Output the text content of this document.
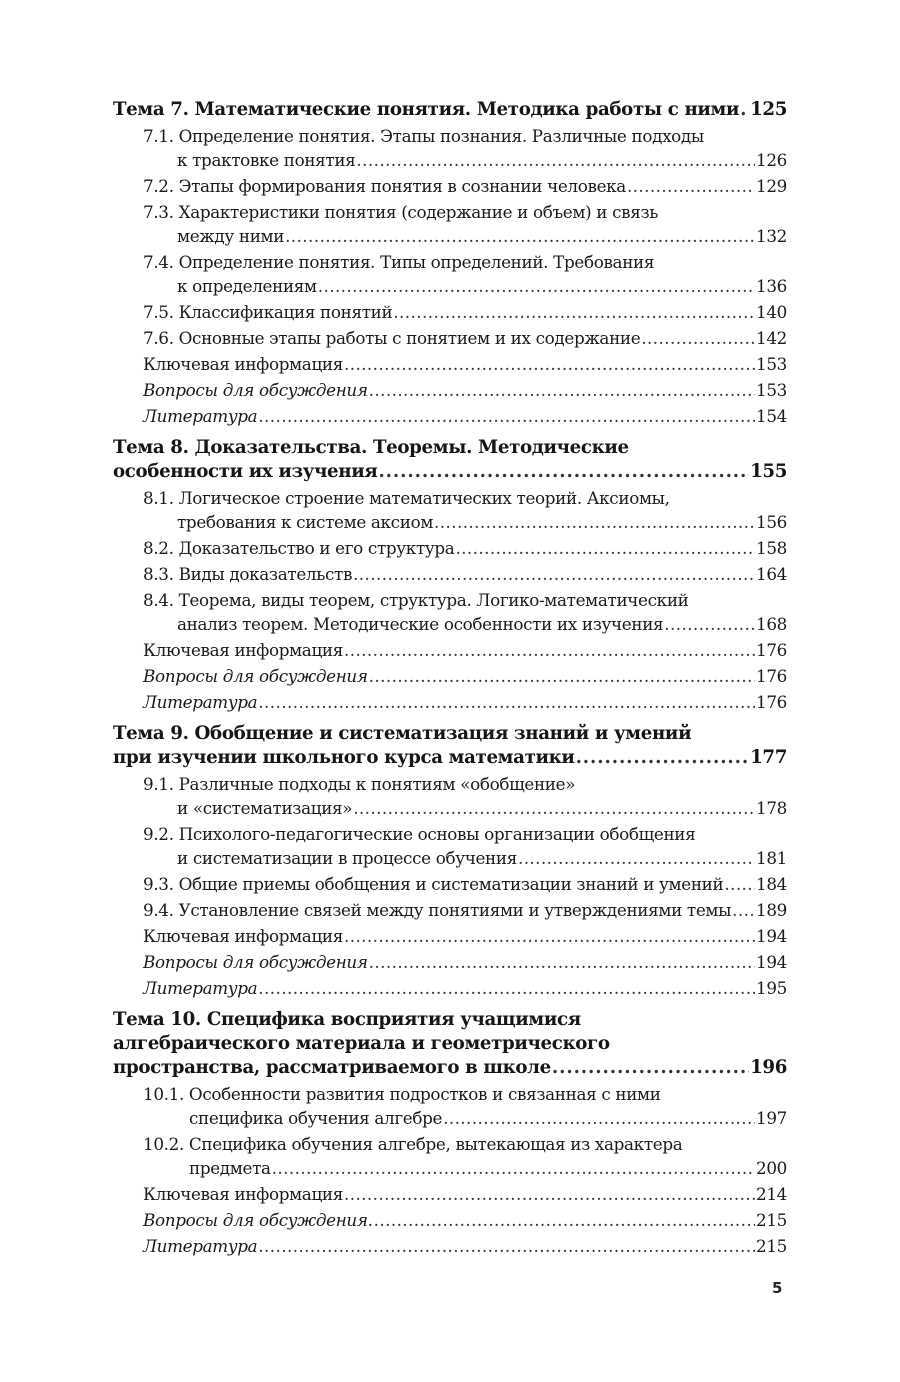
Тема 7. Математические понятия. Методика работы с ними ..... 125
7.1. Определение понятия. Этапы познания. Различные подходы
к трактовке понятия .....	126
7.2. Этапы формирования понятия в сознании человека .....	129
7.3. Характеристики понятия (содержание и объем) и связь
между ними .....	132
7.4. Определение понятия. Типы определений. Требования
к определениям .....	136
7.5. Классификация понятий .....	140
7.6. Основные этапы работы с понятием и их содержание .....	142
Ключевая информация .....	153
Вопросы для обсуждения .....	153
Литература .....	154
Тема 8. Доказательства. Теоремы. Методические
особенности их изучения .....	155
8.1. Логическое строение математических теорий. Аксиомы,
требования к системе аксиом .....	156
8.2. Доказательство и его структура .....	158
8.3. Виды доказательств .....	164
8.4. Теорема, виды теорем, структура. Логико-математический
анализ теорем. Методические особенности их изучения .....	168
Ключевая информация .....	176
Вопросы для обсуждения .....	176
Литература .....	176
Тема 9. Обобщение и систематизация знаний и умений
при изучении школьного курса математики .....	177
9.1. Различные подходы к понятиям «обобщение»
и «систематизация» .....	178
9.2. Психолого-педагогические основы организации обобщения
и систематизации в процессе обучения .....	181
9.3. Общие приемы обобщения и систематизации знаний и умений ..... 184
9.4. Установление связей между понятиями и утверждениями темы ..... 189
Ключевая информация .....	194
Вопросы для обсуждения .....	194
Литература .....	195
Тема 10. Специфика восприятия учащимися
алгебраического материала и геометрического
пространства, рассматриваемого в школе .....	196
10.1. Особенности развития подростков и связанная с ними
специфика обучения алгебре .....	197
10.2. Специфика обучения алгебре, вытекающая из характера
предмета .....	200
Ключевая информация .....	214
Вопросы для обсуждения. .....	215
Литература .....	215
5
